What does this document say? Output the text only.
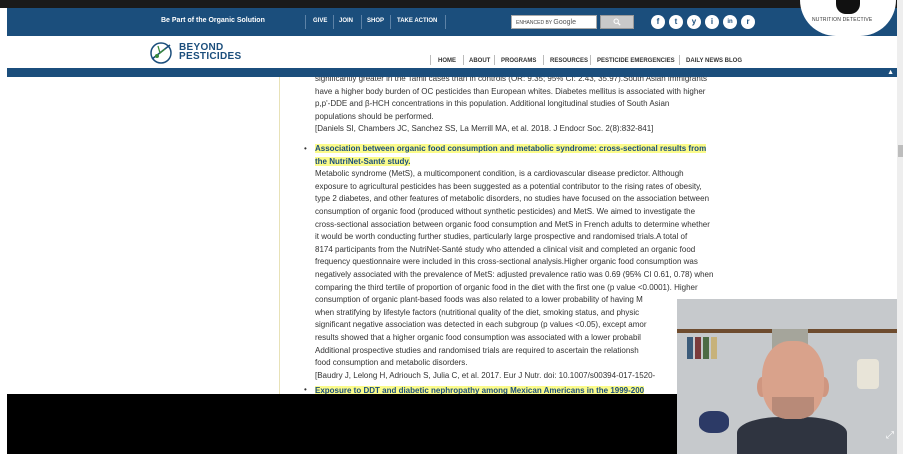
Be Part of the Organic Solution	GIVE JOIN SHOP TAKE ACTION	ENHANCED BY Google	f	t	y	i	in	r	NUTRITION DETECTIVE
BEYOND
PESTICIDES	HOME ABOUT PROGRAMS RESOURCES PESTICIDE EMERGENCIES DAILY NEWS BLOG
▲

significantly greater in the Tamil cases than in controls (OR: 9.35; 95% CI: 2.43, 35.97).South Asian immigrants

have a higher body burden of OC pesticides than European whites. Diabetes mellitus is associated with higher

p,p'-DDE and β-HCH concentrations in this population. Additional longitudinal studies of South Asian

populations should be performed.

[Daniels SI, Chambers JC, Sanchez SS, La Merrill MA, et al. 2018. J Endocr Soc. 2(8):832-841]

• Association between organic food consumption and metabolic syndrome: cross-sectional results from

the NutriNet-Santé study.

Metabolic syndrome (MetS), a multicomponent condition, is a cardiovascular disease predictor. Although

exposure to agricultural pesticides has been suggested as a potential contributor to the rising rates of obesity,

type 2 diabetes, and other features of metabolic disorders, no studies have focused on the association between

consumption of organic food (produced without synthetic pesticides) and MetS. We aimed to investigate the

cross-sectional association between organic food consumption and MetS in French adults to determine whether

it would be worth conducting further studies, particularly large prospective and randomised trials.A total of

8174 participants from the NutriNet-Santé study who attended a clinical visit and completed an organic food

frequency questionnaire were included in this cross-sectional analysis.Higher organic food consumption was

negatively associated with the prevalence of MetS: adjusted prevalence ratio was 0.69 (95% CI 0.61, 0.78) when

comparing the third tertile of proportion of organic food in the diet with the first one (p value <0.0001). Higher

consumption of organic plant-based foods was also related to a lower probability of having M

when stratifying by lifestyle factors (nutritional quality of the diet, smoking status, and physic

significant negative association was detected in each subgroup (p values <0.05), except amor

results showed that a higher organic food consumption was associated with a lower probabil

Additional prospective studies and randomised trials are required to ascertain the relationsh

food consumption and metabolic disorders.

[Baudry J, Lelong H, Adriouch S, Julia C, et al. 2017. Eur J Nutr. doi: 10.1007/s00394-017-1520-

• Exposure to DDT and diabetic nephropathy among Mexican Americans in the 1999-200

⤢
